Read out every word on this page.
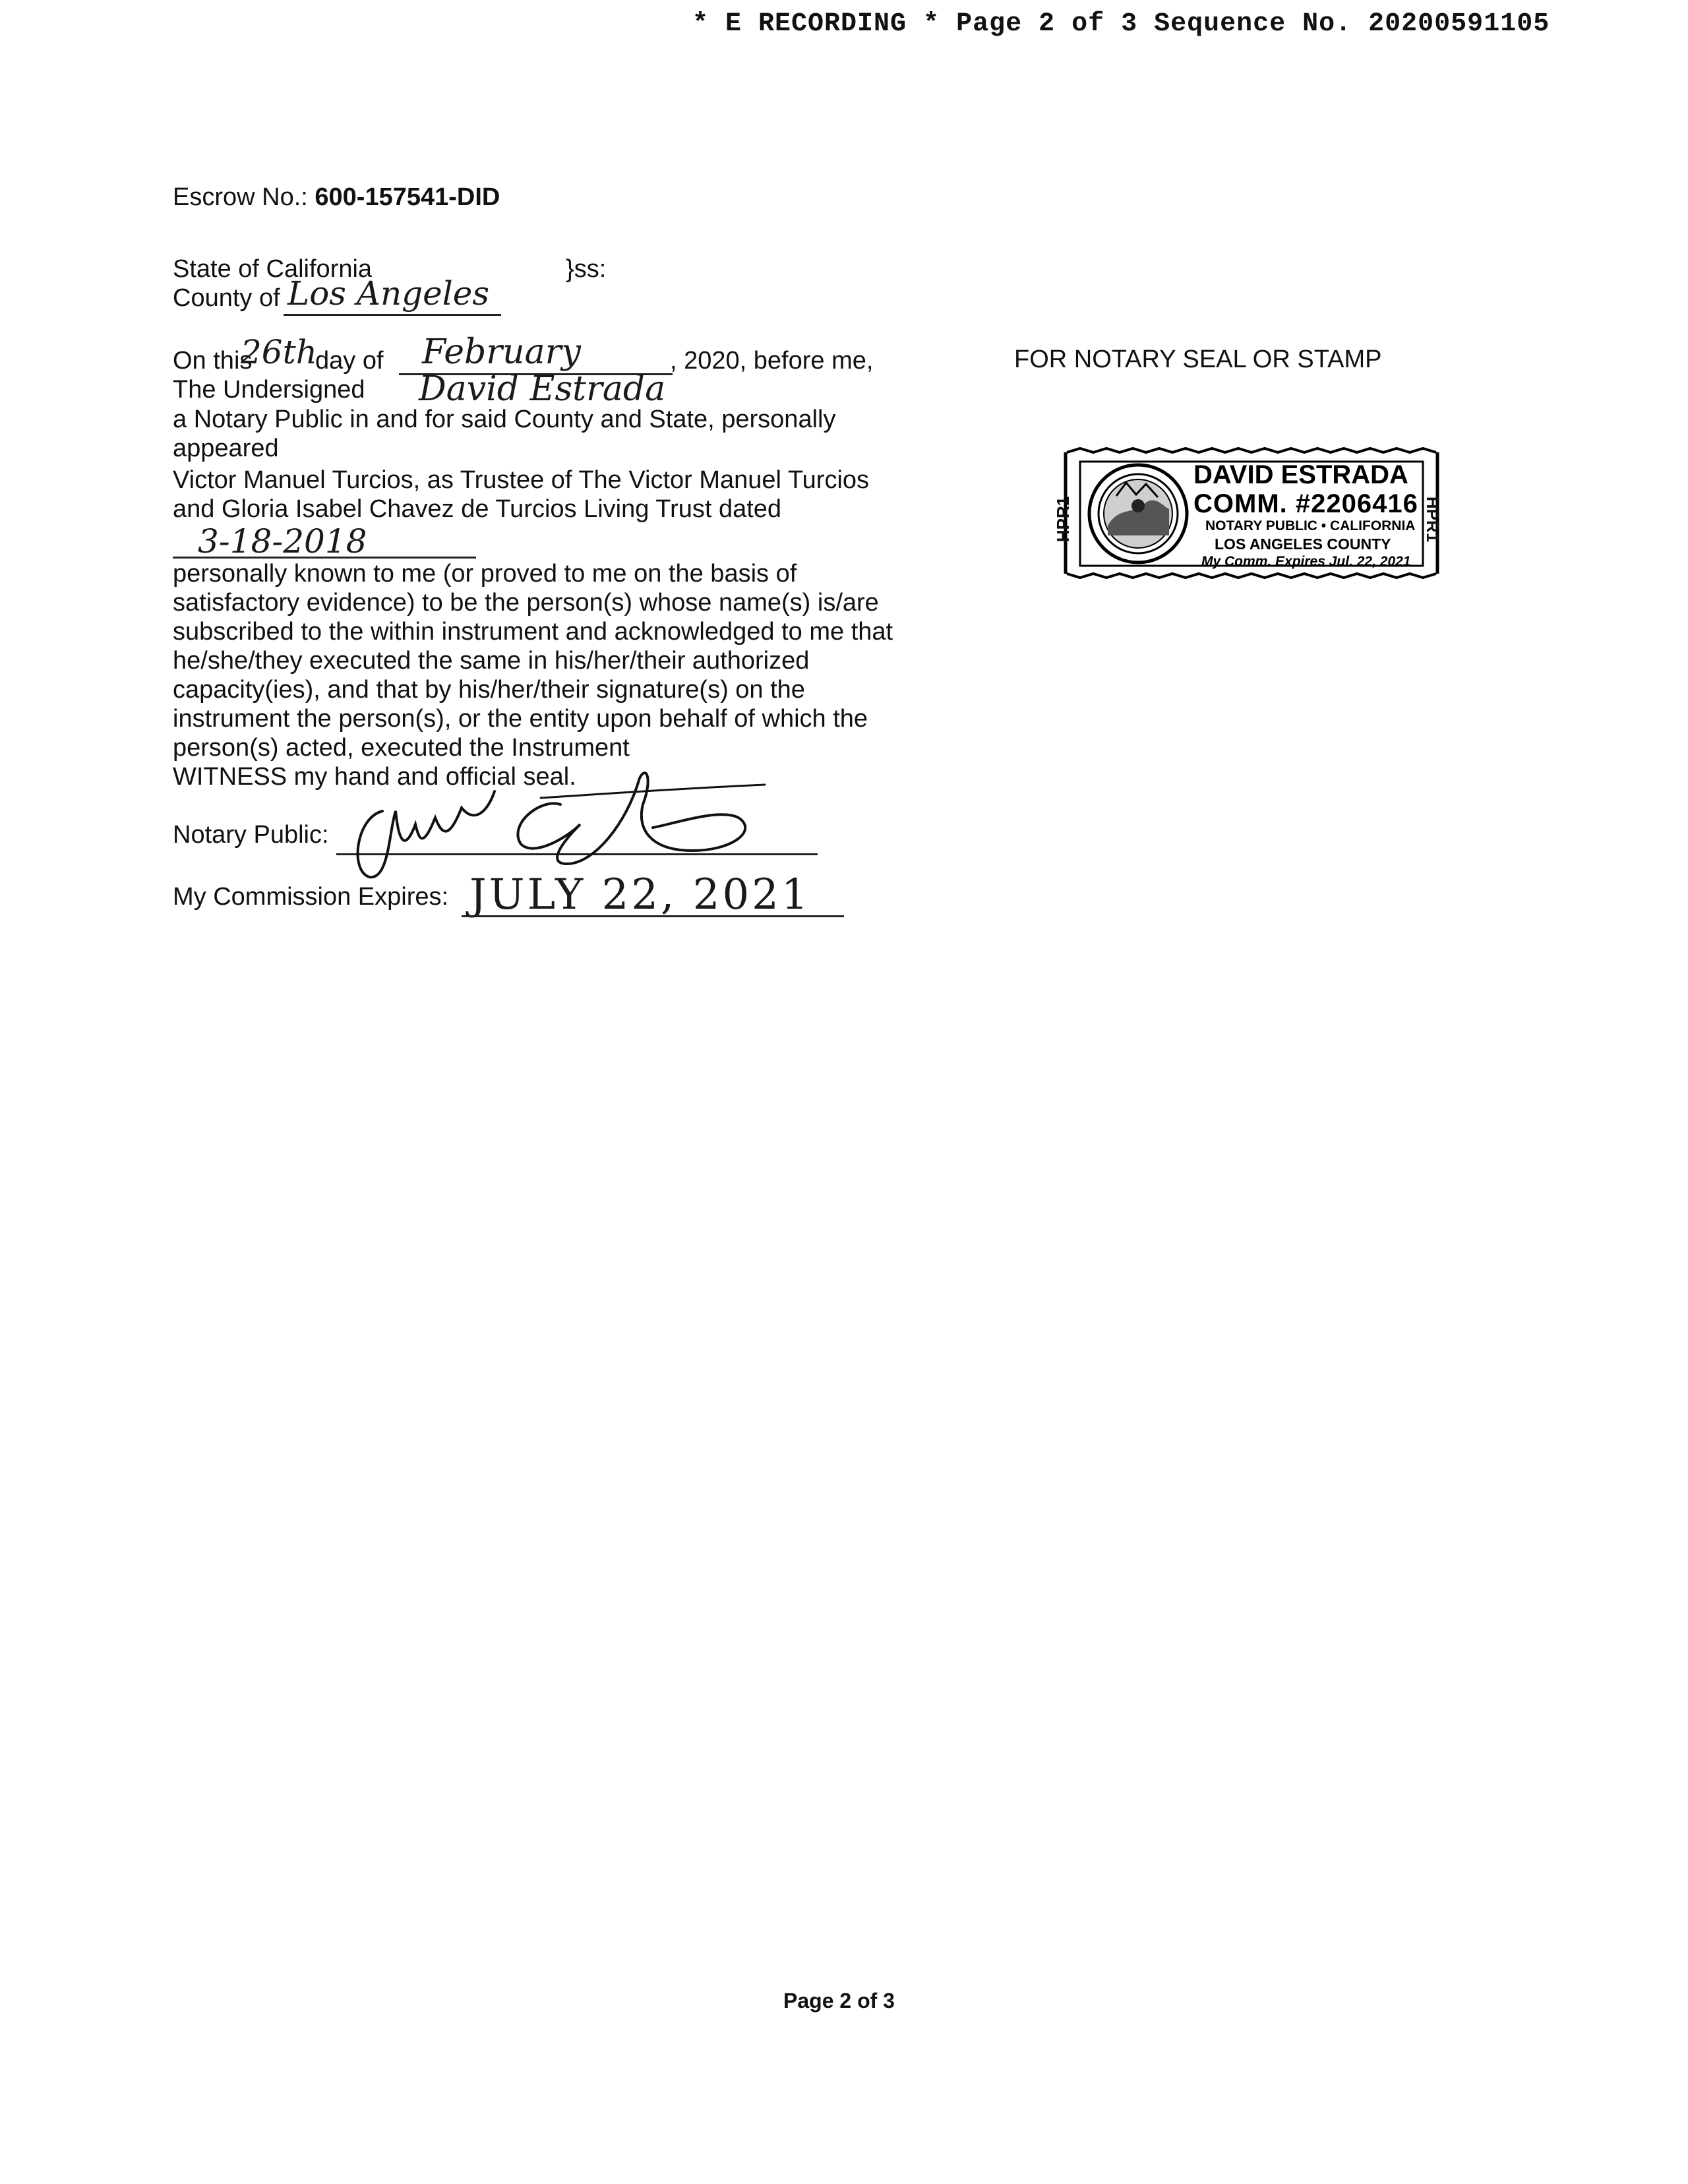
* E RECORDING * Page 2 of 3 Sequence No. 20200591105
Escrow No.: 600-157541-DID
State of California	}ss:
County of Los Angeles
On this
26th
day of February	, 2020, before me,
The Undersigned David Estrada
a Notary Public in and for said County and State, personally
appeared
Victor Manuel Turcios, as Trustee of The Victor Manuel Turcios
and Gloria Isabel Chavez de Turcios Living Trust dated
3-18-2018
personally known to me (or proved to me on the basis of
satisfactory evidence) to be the person(s) whose name(s) is/are
subscribed to the within instrument and acknowledged to me that
he/she/they executed the same in his/her/their authorized
capacity(ies), and that by his/her/their signature(s) on the
instrument the person(s), or the entity upon behalf of which the
person(s) acted, executed the Instrument
WITNESS my hand and official seal.
Notary Public:
My Commission Expires: JULY 22, 2021
FOR NOTARY SEAL OR STAMP
DAVID ESTRADA
COMM. #2206416
NOTARY PUBLIC • CALIFORNIA
LOS ANGELES COUNTY
My Comm. Expires Jul. 22, 2021
HPR1	HPR1
Page 2 of 3
